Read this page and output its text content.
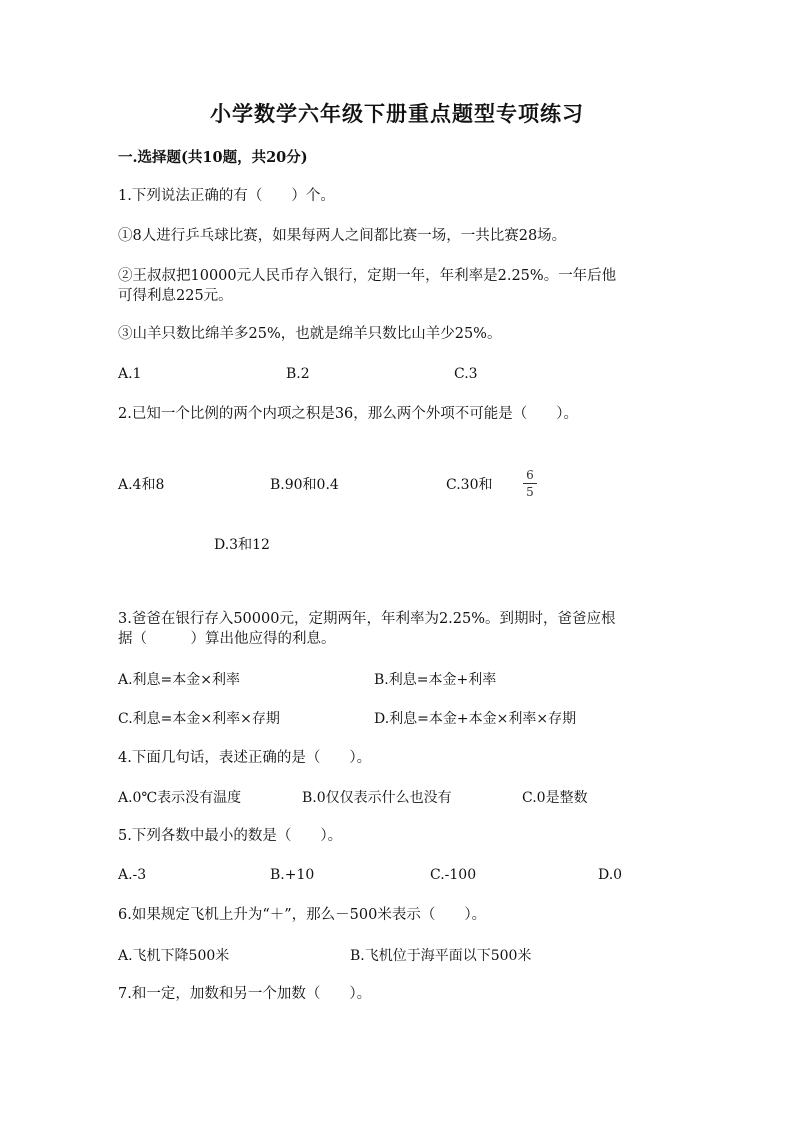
小学数学六年级下册重点题型专项练习
一.选择题(共10题，共20分)
1.下列说法正确的有（　　）个。
①8人进行乒乓球比赛，如果每两人之间都比赛一场，一共比赛28场。
②王叔叔把10000元人民币存入银行，定期一年，年利率是2.25%。一年后他
可得利息225元。
③山羊只数比绵羊多25%，也就是绵羊只数比山羊少25%。
A.1	B.2	C.3
2.已知一个比例的两个内项之积是36，那么两个外项不可能是（　　）。
A.4和8	B.90和0.4	C.30和
6
5
D.3和12
3.爸爸在银行存入50000元，定期两年，年利率为2.25%。到期时，爸爸应根
据（　　　）算出他应得的利息。
A.利息=本金×利率	B.利息=本金+利率
C.利息=本金×利率×存期	D.利息=本金+本金×利率×存期
4.下面几句话，表述正确的是（　　）。
A.0℃表示没有温度	B.0仅仅表示什么也没有	C.0是整数
5.下列各数中最小的数是（　　）。
A.-3	B.+10	C.-100	D.0
6.如果规定飞机上升为“＋”，那么－500米表示（　　）。
A.飞机下降500米	B.飞机位于海平面以下500米
7.和一定，加数和另一个加数（　　）。
